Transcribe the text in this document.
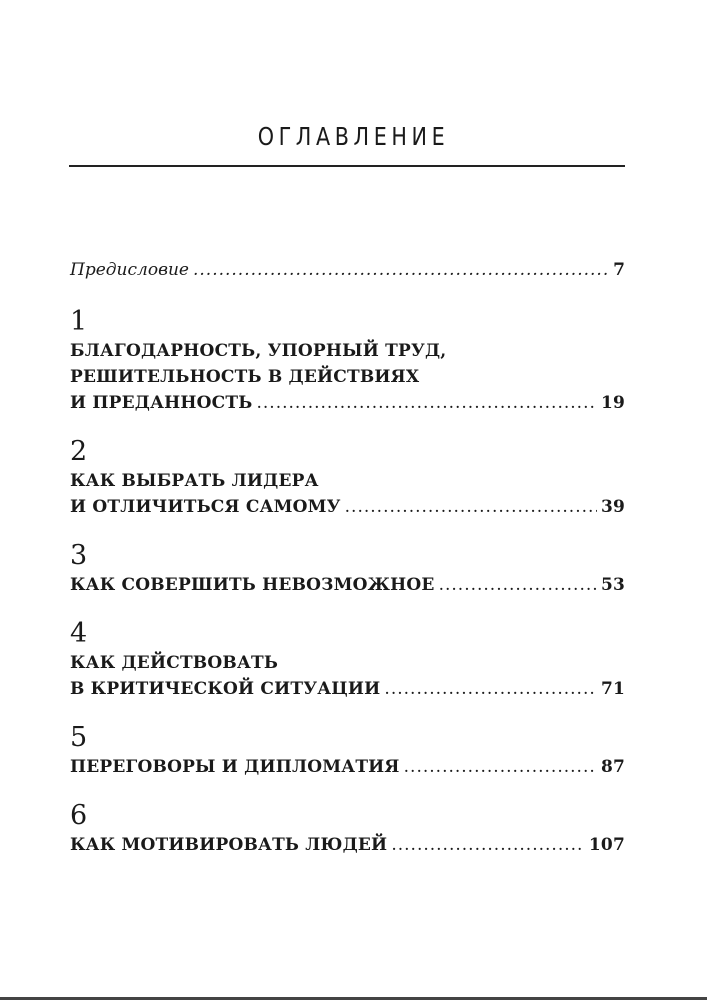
ОГЛАВЛЕНИЕ
Предисловие .....	7
1
БЛАГОДАРНОСТЬ, УПОРНЫЙ ТРУД,
РЕШИТЕЛЬНОСТЬ В ДЕЙСТВИЯХ
И ПРЕДАННОСТЬ .....	19
2
КАК ВЫБРАТЬ ЛИДЕРА
И ОТЛИЧИТЬСЯ САМОМУ .....	39
3
КАК СОВЕРШИТЬ НЕВОЗМОЖНОЕ .....	53
4
КАК ДЕЙСТВОВАТЬ
В КРИТИЧЕСКОЙ СИТУАЦИИ .....	71
5
ПЕРЕГОВОРЫ И ДИПЛОМАТИЯ .....	87
6
КАК МОТИВИРОВАТЬ ЛЮДЕЙ .....	107
